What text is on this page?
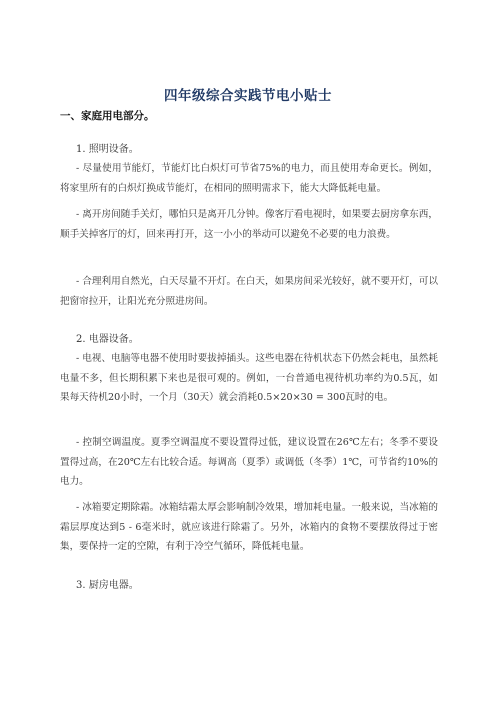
四年级综合实践节电小贴士
一、家庭用电部分。
1. 照明设备。

- 尽量使用节能灯，节能灯比白炽灯可节省75%的电力，而且使用寿命更长。例如，将家里所有的白炽灯换成节能灯，在相同的照明需求下，能大大降低耗电量。

- 离开房间随手关灯，哪怕只是离开几分钟。像客厅看电视时，如果要去厨房拿东西，顺手关掉客厅的灯，回来再打开，这一小小的举动可以避免不必要的电力浪费。

- 合理利用自然光，白天尽量不开灯。在白天，如果房间采光较好，就不要开灯，可以把窗帘拉开，让阳光充分照进房间。

2. 电器设备。

- 电视、电脑等电器不使用时要拔掉插头。这些电器在待机状态下仍然会耗电，虽然耗电量不多，但长期积累下来也是很可观的。例如，一台普通电视待机功率约为0.5瓦，如果每天待机20小时，一个月（30天）就会消耗0.5×20×30 = 300瓦时的电。

- 控制空调温度。夏季空调温度不要设置得过低，建议设置在26℃左右；冬季不要设置得过高，在20℃左右比较合适。每调高（夏季）或调低（冬季）1℃，可节省约10%的电力。

- 冰箱要定期除霜。冰箱结霜太厚会影响制冷效果，增加耗电量。一般来说，当冰箱的霜层厚度达到5 - 6毫米时，就应该进行除霜了。另外，冰箱内的食物不要摆放得过于密集，要保持一定的空隙，有利于冷空气循环，降低耗电量。

3. 厨房电器。
